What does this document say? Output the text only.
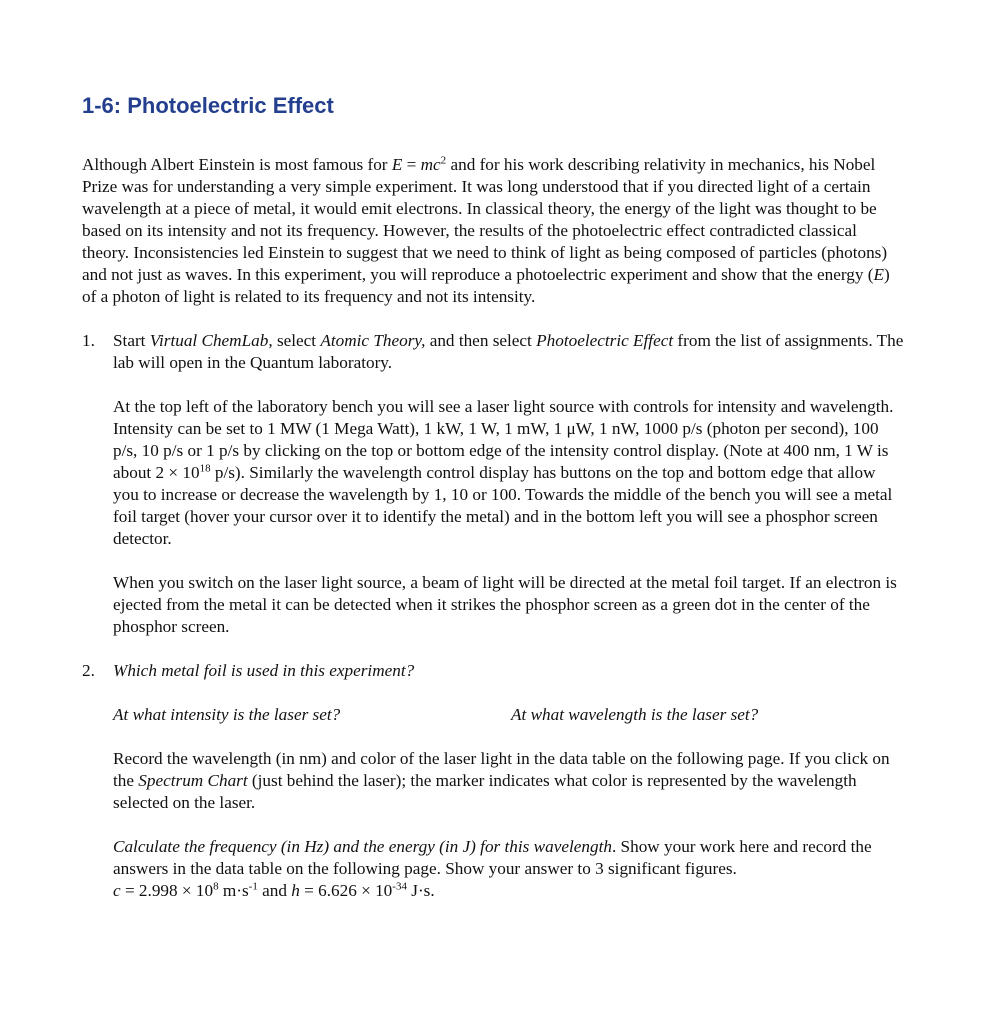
1-6: Photoelectric Effect

Although Albert Einstein is most famous for $E = mc^2$ and for his work describing relativity in mechanics, his Nobel Prize was for understanding a very simple experiment. It was long understood that if you directed light of a certain wavelength at a piece of metal, it would emit electrons. In classical theory, the energy of the light was thought to be based on its intensity and not its frequency. However, the results of the photoelectric effect contradicted classical theory. Inconsistencies led Einstein to suggest that we need to think of light as being composed of particles (photons) and not just as waves. In this experiment, you will reproduce a photoelectric experiment and show that the energy (E) of a photon of light is related to its frequency and not its intensity.

1. Start Virtual ChemLab, select Atomic Theory, and then select Photoelectric Effect from the list of assignments. The lab will open in the Quantum laboratory.

At the top left of the laboratory bench you will see a laser light source with controls for intensity and wavelength. Intensity can be set to 1 MW (1 Mega Watt), 1 kW, 1 W, 1 mW, 1 μW, 1 nW, 1000 p/s (photon per second), 100 p/s, 10 p/s or 1 p/s by clicking on the top or bottom edge of the intensity control display. (Note at 400 nm, 1 W is about $2 \times 10^{18}$ p/s). Similarly the wavelength control display has buttons on the top and bottom edge that allow you to increase or decrease the wavelength by 1, 10 or 100. Towards the middle of the bench you will see a metal foil target (hover your cursor over it to identify the metal) and in the bottom left you will see a phosphor screen detector.

When you switch on the laser light source, a beam of light will be directed at the metal foil target. If an electron is ejected from the metal it can be detected when it strikes the phosphor screen as a green dot in the center of the phosphor screen.

2. Which metal foil is used in this experiment?

At what intensity is the laser set?	At what wavelength is the laser set?

Record the wavelength (in nm) and color of the laser light in the data table on the following page. If you click on the Spectrum Chart (just behind the laser); the marker indicates what color is represented by the wavelength selected on the laser.

Calculate the frequency (in Hz) and the energy (in J) for this wavelength. Show your work here and record the answers in the data table on the following page. Show your answer to 3 significant figures.
$c = 2.998 \times 10^8$ $m\cdot s^{-1}$ and $h = 6.626 \times 10^{-34}$ J·s.
